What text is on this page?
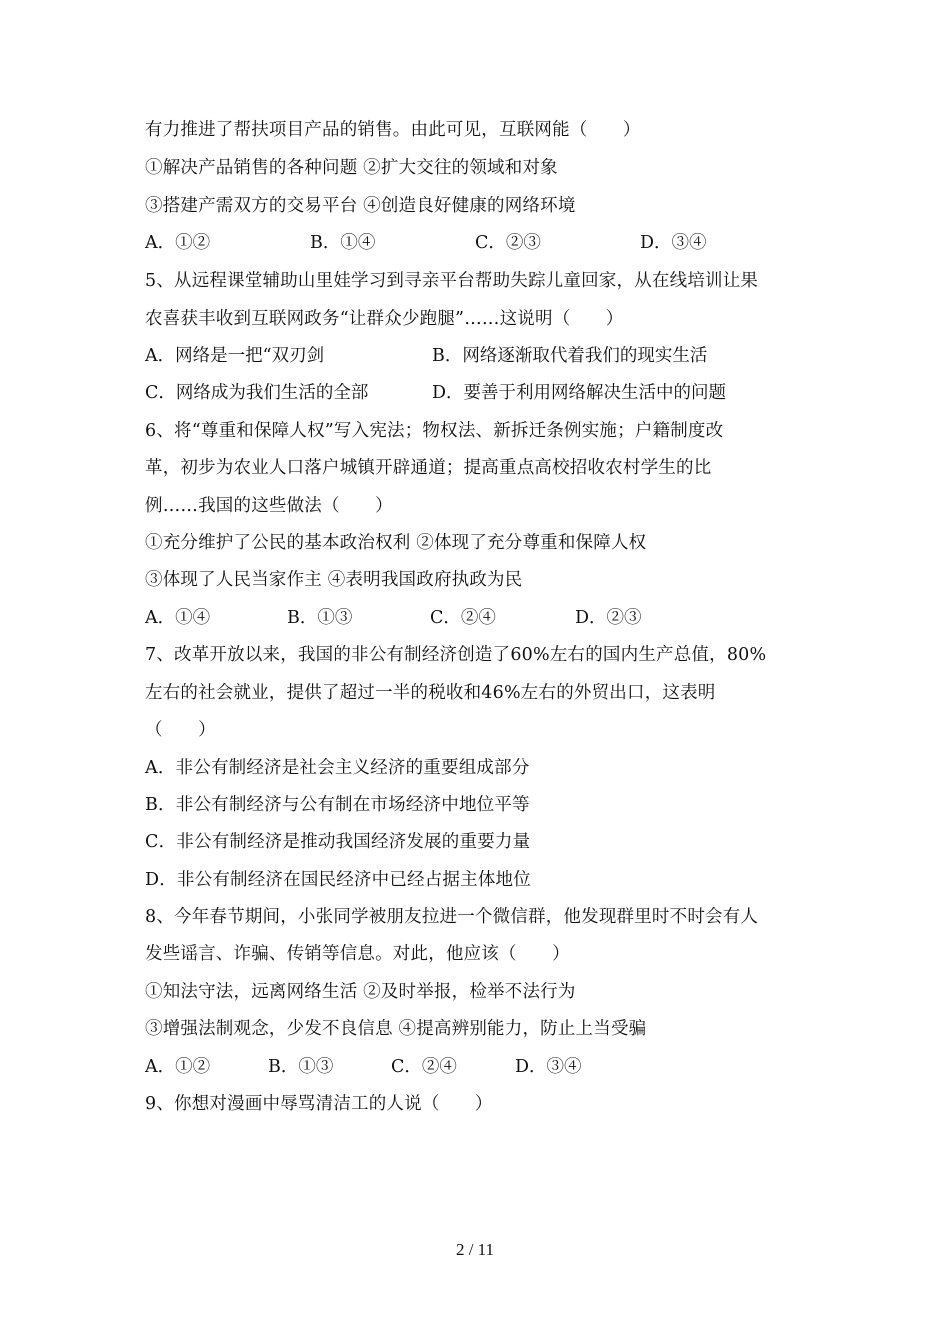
有力推进了帮扶项目产品的销售。由此可见，互联网能（　　）
①解决产品销售的各种问题 ②扩大交往的领域和对象
③搭建产需双方的交易平台 ④创造良好健康的网络环境

A．①②

	B．①④

	C．②③

	D．③④

5、从远程课堂辅助山里娃学习到寻亲平台帮助失踪儿童回家，从在线培训让果
农喜获丰收到互联网政务“让群众少跑腿”……这说明（　　）

A．网络是一把“双刃剑

	B．网络逐渐取代着我们的现实生活

C．网络成为我们生活的全部

	D．要善于利用网络解决生活中的问题

6、将“尊重和保障人权”写入宪法；物权法、新拆迁条例实施；户籍制度改
革，初步为农业人口落户城镇开辟通道；提高重点高校招收农村学生的比
例……我国的这些做法（　　）
①充分维护了公民的基本政治权利 ②体现了充分尊重和保障人权
③体现了人民当家作主 ④表明我国政府执政为民

A．①④

	B．①③

	C．②④

	D．②③

7、改革开放以来，我国的非公有制经济创造了60%左右的国内生产总值，80%
左右的社会就业，提供了超过一半的税收和46%左右的外贸出口，这表明
（　　）
A．非公有制经济是社会主义经济的重要组成部分
B．非公有制经济与公有制在市场经济中地位平等
C．非公有制经济是推动我国经济发展的重要力量
D．非公有制经济在国民经济中已经占据主体地位
8、今年春节期间，小张同学被朋友拉进一个微信群，他发现群里时不时会有人
发些谣言、诈骗、传销等信息。对此，他应该（　　）
①知法守法，远离网络生活 ②及时举报，检举不法行为
③增强法制观念，少发不良信息 ④提高辨别能力，防止上当受骗

A．①②

	B．①③

	C．②④

	D．③④

9、你想对漫画中辱骂清洁工的人说（　　）
2 / 11
